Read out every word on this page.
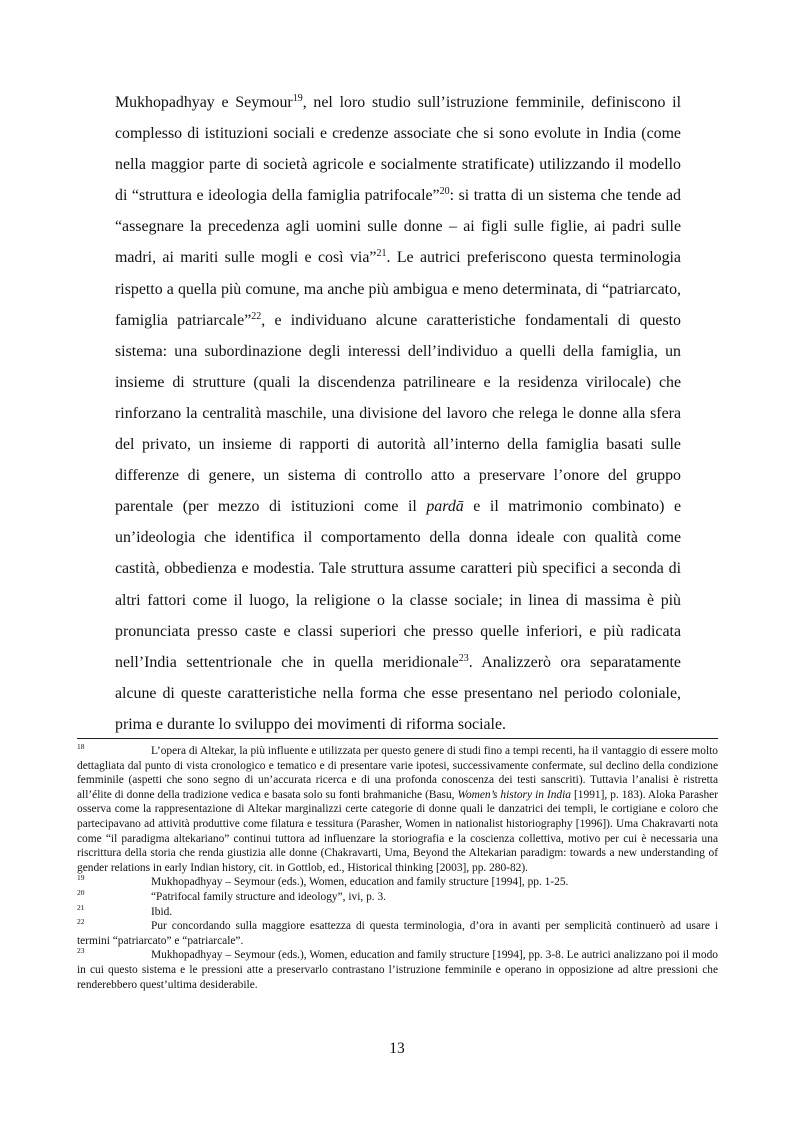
Mukhopadhyay e Seymour$^{19}$, nel loro studio sull’istruzione femminile, definiscono il complesso di istituzioni sociali e credenze associate che si sono evolute in India (come nella maggior parte di società agricole e socialmente stratificate) utilizzando il modello di “struttura e ideologia della famiglia patrifocale”$^{20}$: si tratta di un sistema che tende ad “assegnare la precedenza agli uomini sulle donne – ai figli sulle figlie, ai padri sulle madri, ai mariti sulle mogli e così via”$^{21}$. Le autrici preferiscono questa terminologia rispetto a quella più comune, ma anche più ambigua e meno determinata, di “patriarcato, famiglia patriarcale”$^{22}$, e individuano alcune caratteristiche fondamentali di questo sistema: una subordinazione degli interessi dell’individuo a quelli della famiglia, un insieme di strutture (quali la discendenza patrilineare e la residenza virilocale) che rinforzano la centralità maschile, una divisione del lavoro che relega le donne alla sfera del privato, un insieme di rapporti di autorità all’interno della famiglia basati sulle differenze di genere, un sistema di controllo atto a preservare l’onore del gruppo parentale (per mezzo di istituzioni come il pardā e il matrimonio combinato) e un’ideologia che identifica il comportamento della donna ideale con qualità come castità, obbedienza e modestia. Tale struttura assume caratteri più specifici a seconda di altri fattori come il luogo, la religione o la classe sociale; in linea di massima è più pronunciata presso caste e classi superiori che presso quelle inferiori, e più radicata nell’India settentrionale che in quella meridionale$^{23}$. Analizzerò ora separatamente alcune di queste caratteristiche nella forma che esse presentano nel periodo coloniale, prima e durante lo sviluppo dei movimenti di riforma sociale.

$^{18}$	L’opera di Altekar, la più influente e utilizzata per questo genere di studi fino a tempi recenti, ha il vantaggio di essere molto dettagliata dal punto di vista cronologico e tematico e di presentare varie ipotesi, successivamente confermate, sul declino della condizione femminile (aspetti che sono segno di un’accurata ricerca e di una profonda conoscenza dei testi sanscriti). Tuttavia l’analisi è ristretta all’élite di donne della tradizione vedica e basata solo su fonti brahmaniche (Basu, Women’s history in India [1991], p. 183). Aloka Parasher osserva come la rappresentazione di Altekar marginalizzi certe categorie di donne quali le danzatrici dei templi, le cortigiane e coloro che partecipavano ad attività produttive come filatura e tessitura (Parasher, Women in nationalist historiography [1996]). Uma Chakravarti nota come “il paradigma altekariano” continui tuttora ad influenzare la storiografia e la coscienza collettiva, motivo per cui è necessaria una riscrittura della storia che renda giustizia alle donne (Chakravarti, Uma, Beyond the Altekarian paradigm: towards a new understanding of gender relations in early Indian history, cit. in Gottlob, ed., Historical thinking [2003], pp. 280-82).

$^{19}$	Mukhopadhyay – Seymour (eds.), Women, education and family structure [1994], pp. 1-25.

$^{20}$	“Patrifocal family structure and ideology”, ivi, p. 3.

$^{21}$	Ibid.

$^{22}$	Pur concordando sulla maggiore esattezza di questa terminologia, d’ora in avanti per semplicità continuerò ad usare i termini “patriarcato” e “patriarcale”.

$^{23}$	Mukhopadhyay – Seymour (eds.), Women, education and family structure [1994], pp. 3-8. Le autrici analizzano poi il modo in cui questo sistema e le pressioni atte a preservarlo contrastano l’istruzione femminile e operano in opposizione ad altre pressioni che renderebbero quest’ultima desiderabile.

13
